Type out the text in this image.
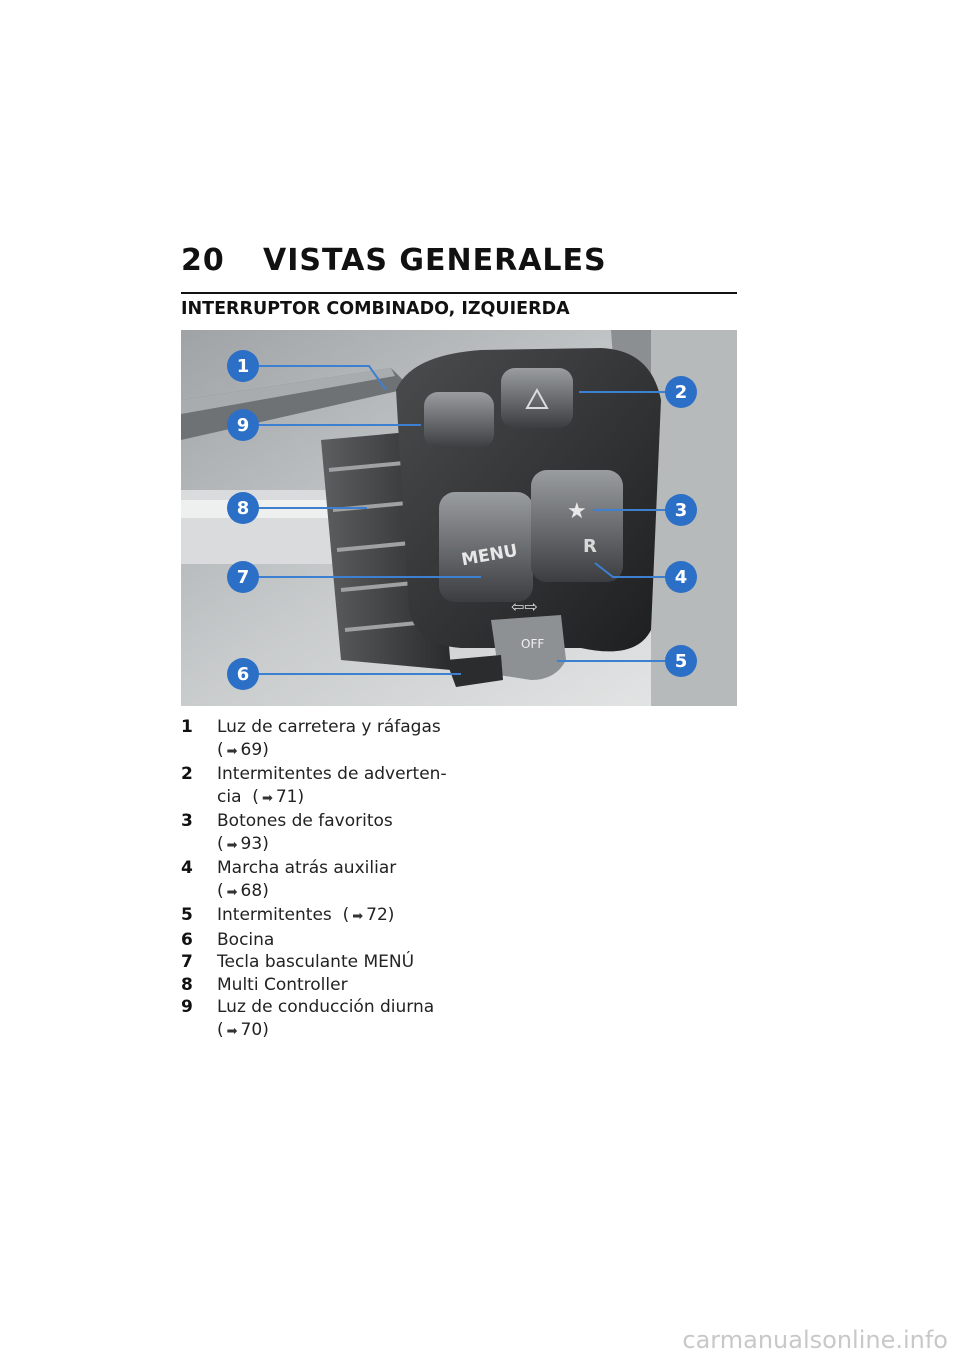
20 VISTAS GENERALES
INTERRUPTOR COMBINADO, IZQUIERDA
MENU
★
R
⇦⇨
OFF
1
2
3
4
5
6
7
8
9
1 Luz de carretera y ráfagas
( ➡ 69)
2 Intermitentes de adverten-
cia  ( ➡ 71)
3 Botones de favoritos
( ➡ 93)
4 Marcha atrás auxiliar
( ➡ 68)
5 Intermitentes ( ➡ 72)
6 Bocina
7 Tecla basculante MENÚ
8 Multi Controller
9 Luz de conducción diurna
( ➡ 70)
carmanualsonline.info
